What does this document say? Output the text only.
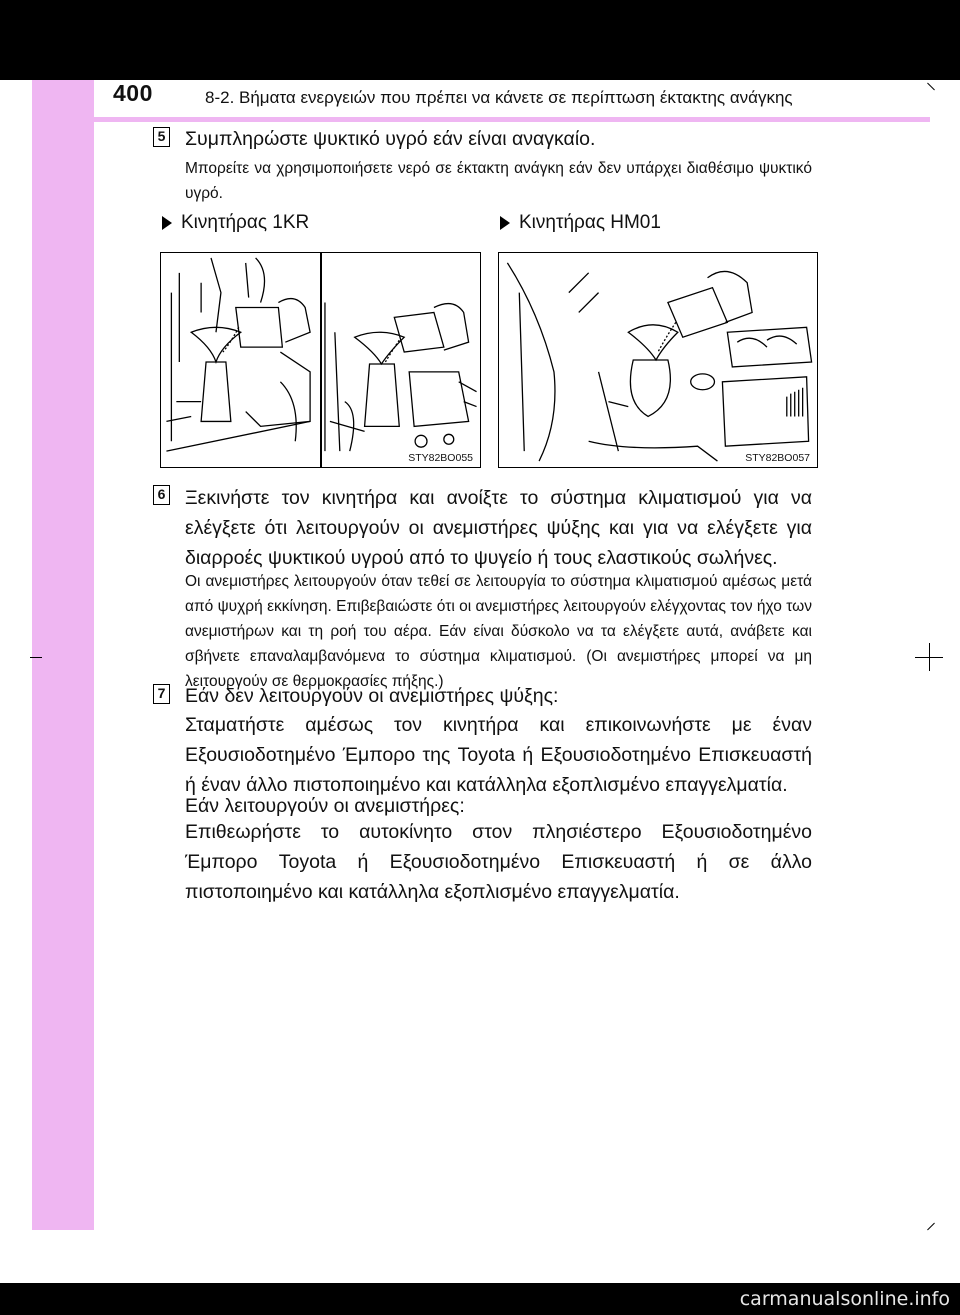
400	8-2. Βήματα ενεργειών που πρέπει να κάνετε σε περίπτωση έκτακτης ανάγκης
5 Συμπληρώστε ψυκτικό υγρό εάν είναι αναγκαίο.
Μπορείτε να χρησιμοποιήσετε νερό σε έκτακτη ανάγκη εάν δεν υπάρχει διαθέσιμο ψυκτικό υγρό.
Κινητήρας 1KR	Κινητήρας HM01
STY82BO055	STY82BO057
6 Ξεκινήστε τον κινητήρα και ανοίξτε το σύστημα κλιματισμού για να ελέγξετε ότι λειτουργούν οι ανεμιστήρες ψύξης και για να ελέγξετε για διαρροές ψυκτικού υγρού από το ψυγείο ή τους ελαστικούς σωλήνες.
Οι ανεμιστήρες λειτουργούν όταν τεθεί σε λειτουργία το σύστημα κλιματισμού αμέσως μετά από ψυχρή εκκίνηση. Επιβεβαιώστε ότι οι ανεμιστήρες λειτουργούν ελέγχοντας τον ήχο των ανεμιστήρων και τη ροή του αέρα. Εάν είναι δύσκολο να τα ελέγξετε αυτά, ανάβετε και σβήνετε επαναλαμβανόμενα το σύστημα κλιματισμού. (Οι ανεμιστήρες μπορεί να μη λειτουργούν σε θερμοκρασίες πήξης.)
7 Εάν δεν λειτουργούν οι ανεμιστήρες ψύξης:
Σταματήστε αμέσως τον κινητήρα και επικοινωνήστε με έναν Εξουσιοδοτημένο Έμπορο της Toyota ή Εξουσιοδοτημένο Επισκευαστή ή έναν άλλο πιστοποιημένο και κατάλληλα εξοπλισμένο επαγγελματία.
Εάν λειτουργούν οι ανεμιστήρες:
Επιθεωρήστε το αυτοκίνητο στον πλησιέστερο Εξουσιοδοτημένο Έμπορο Toyota ή Εξουσιοδοτημένο Επισκευαστή ή σε άλλο πιστοποιημένο και κατάλληλα εξοπλισμένο επαγγελματία.
carmanualsonline.info
